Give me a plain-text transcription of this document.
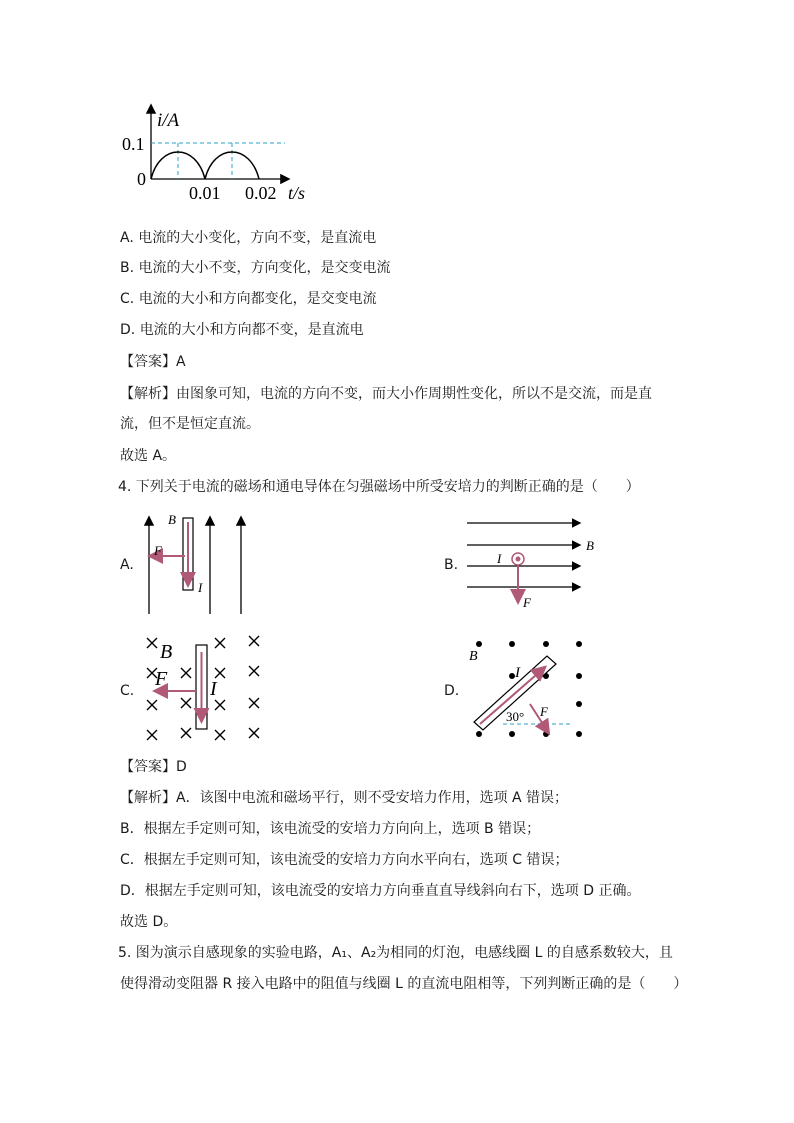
i/A
0.1
0
0.01 0.02 t/s
A. 电流的大小变化，方向不变，是直流电
B. 电流的大小不变，方向变化，是交变电流
C. 电流的大小和方向都变化，是交变电流
D. 电流的大小和方向都不变，是直流电
【答案】A
【解析】由图象可知，电流的方向不变，而大小作周期性变化，所以不是交流，而是直
流，但不是恒定直流。
故选 A。
4. 下列关于电流的磁场和通电导体在匀强磁场中所受安培力的判断正确的是（　　）
A.
B
F
I
B.
B
I
F
C.
B
F I	D.
B
I
F
30°
【答案】D
【解析】A．该图中电流和磁场平行，则不受安培力作用，选项 A 错误；
B．根据左手定则可知，该电流受的安培力方向向上，选项 B 错误；
C．根据左手定则可知，该电流受的安培力方向水平向右，选项 C 错误；
D．根据左手定则可知，该电流受的安培力方向垂直直导线斜向右下，选项 D 正确。
故选 D。
5. 图为演示自感现象的实验电路，A₁、A₂为相同的灯泡，电感线圈 L 的自感系数较大，且
使得滑动变阻器 R 接入电路中的阻值与线圈 L 的直流电阻相等，下列判断正确的是（　　）
